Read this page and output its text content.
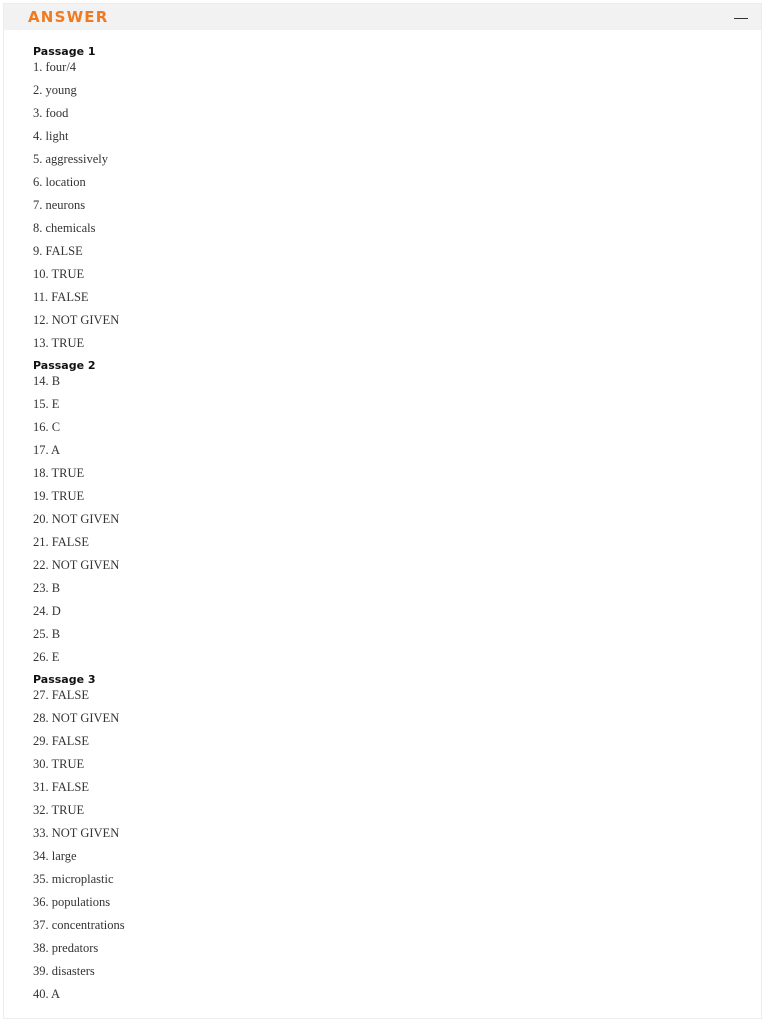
ANSWER
Passage 1
1. four/4
2. young
3. food
4. light
5. aggressively
6. location
7. neurons
8. chemicals
9. FALSE
10. TRUE
11. FALSE
12. NOT GIVEN
13. TRUE
Passage 2
14. B
15. E
16. C
17. A
18. TRUE
19. TRUE
20. NOT GIVEN
21. FALSE
22. NOT GIVEN
23. B
24. D
25. B
26. E
Passage 3
27. FALSE
28. NOT GIVEN
29. FALSE
30. TRUE
31. FALSE
32. TRUE
33. NOT GIVEN
34. large
35. microplastic
36. populations
37. concentrations
38. predators
39. disasters
40. A
